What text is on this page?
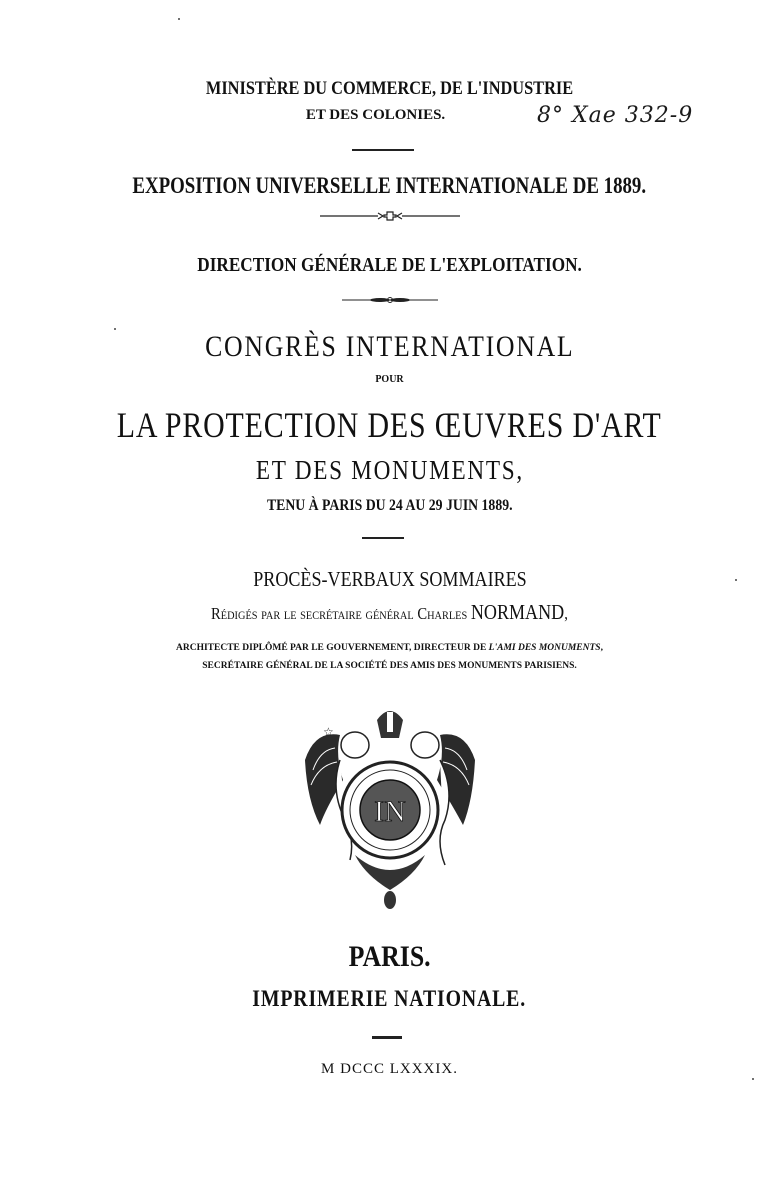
MINISTÈRE DU COMMERCE, DE L'INDUSTRIE
ET DES COLONIES.	8° Xae 332-9
EXPOSITION UNIVERSELLE INTERNATIONALE DE 1889.
DIRECTION GÉNÉRALE DE L'EXPLOITATION.
CONGRÈS INTERNATIONAL
POUR
LA PROTECTION DES ŒUVRES D'ART
ET DES MONUMENTS,
TENU À PARIS DU 24 AU 29 JUIN 1889.
PROCÈS-VERBAUX SOMMAIRES
Rédigés par le secrétaire général Charles NORMAND,
ARCHITECTE DIPLÔMÉ PAR LE GOUVERNEMENT, DIRECTEUR DE L'AMI DES MONUMENTS,
SECRÉTAIRE GÉNÉRAL DE LA SOCIÉTÉ DES AMIS DES MONUMENTS PARISIENS.
☆
IN
PARIS.
IMPRIMERIE NATIONALE.
M DCCC LXXXIX.
